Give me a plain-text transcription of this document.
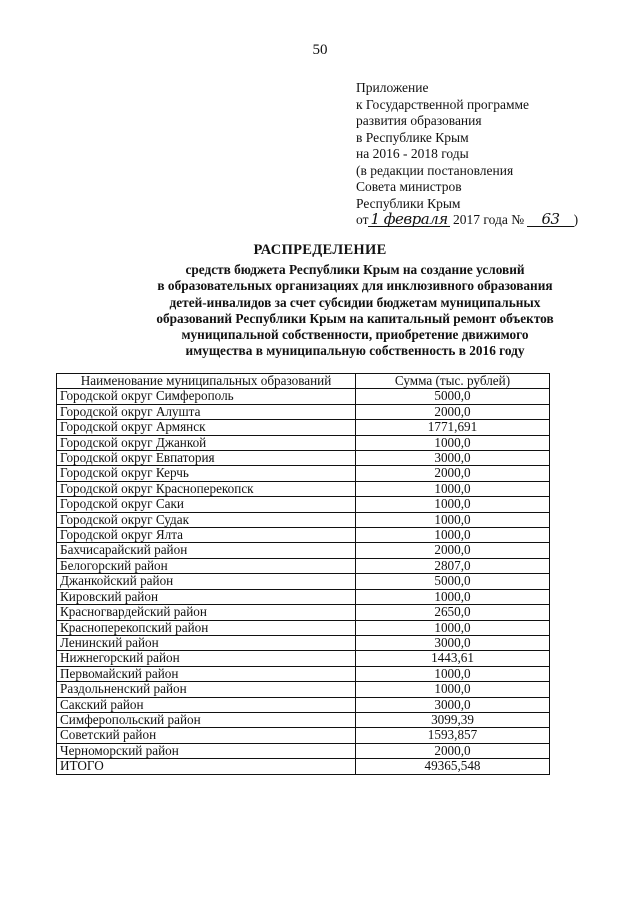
50
Приложение
к Государственной программе
развития образования
в Республике Крым
на 2016 - 2018 годы
(в редакции постановления
Совета министров
Республики Крым
от 1 февраля 2017 года № 63 )
РАСПРЕДЕЛЕНИЕ
средств бюджета Республики Крым на создание условий
в образовательных организациях для инклюзивного образования
детей-инвалидов за счет субсидии бюджетам муниципальных
образований Республики Крым на капитальный ремонт объектов
муниципальной собственности, приобретение движимого
имущества в муниципальную собственность в 2016 году
Наименование муниципальных образований	Сумма (тыс. рублей)
Городской округ Симферополь	5000,0
Городской округ Алушта	2000,0
Городской округ Армянск	1771,691
Городской округ Джанкой	1000,0
Городской округ Евпатория	3000,0
Городской округ Керчь	2000,0
Городской округ Красноперекопск	1000,0
Городской округ Саки	1000,0
Городской округ Судак	1000,0
Городской округ Ялта	1000,0
Бахчисарайский район	2000,0
Белогорский район	2807,0
Джанкойский район	5000,0
Кировский район	1000,0
Красногвардейский район	2650,0
Красноперекопский район	1000,0
Ленинский район	3000,0
Нижнегорский район	1443,61
Первомайский район	1000,0
Раздольненский район	1000,0
Сакский район	3000,0
Симферопольский район	3099,39
Советский район	1593,857
Черноморский район	2000,0
ИТОГО	49365,548
